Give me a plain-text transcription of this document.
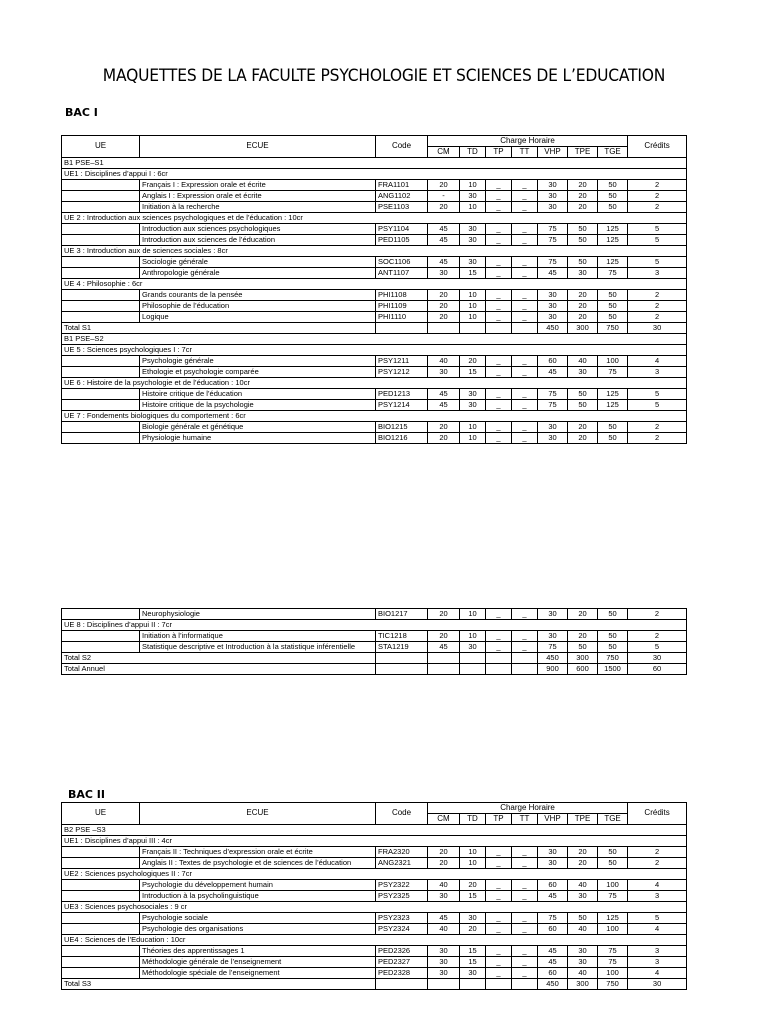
MAQUETTES DE LA FACULTE PSYCHOLOGIE ET SCIENCES DE L’EDUCATION
BAC I
UE	ECUE	Code	Charge Horaire							Crédits
			CM	TD	TP	TT	VHP	TPE	TGE	
B1 PSE–S1										
UE1 : Disciplines d’appui I : 6cr										
	Français I : Expression orale et écrite	FRA1101	20	10	_	_	30	20	50	2
	Anglais I : Expression orale et écrite	ANG1102	-	30	_	_	30	20	50	2
	Initiation à la recherche	PSE1103	20	10	_	_	30	20	50	2
UE 2 : Introduction aux sciences psychologiques et de l’éducation : 10cr										
	Introduction aux sciences psychologiques	PSY1104	45	30	_	_	75	50	125	5
	Introduction aux sciences de l’éducation	PED1105	45	30	_	_	75	50	125	5
UE 3 : Introduction aux de sciences sociales : 8cr										
	Sociologie générale	SOC1106	45	30	_	_	75	50	125	5
	Anthropologie générale	ANT1107	30	15	_	_	45	30	75	3
UE 4 : Philosophie : 6cr										
	Grands courants de la pensée	PHI1108	20	10	_	_	30	20	50	2
	Philosophie de l’éducation	PHI1109	20	10	_	_	30	20	50	2
	Logique	PHI1110	20	10	_	_	30	20	50	2
Total S1							450	300	750	30
B1 PSE–S2										
UE 5 : Sciences psychologiques I : 7cr										
	Psychologie générale	PSY1211	40	20	_	_	60	40	100	4
	Ethologie et psychologie comparée	PSY1212	30	15	_	_	45	30	75	3
UE 6 : Histoire de la psychologie et de l’éducation : 10cr										
	Histoire critique de l’éducation	PED1213	45	30	_	_	75	50	125	5
	Histoire critique de la psychologie	PSY1214	45	30	_	_	75	50	125	5
UE 7 : Fondements biologiques du comportement : 6cr										
	Biologie générale et génétique	BIO1215	20	10	_	_	30	20	50	2
	Physiologie humaine	BIO1216	20	10	_	_	30	20	50	2
	Neurophysiologie	BIO1217	20	10	_	_	30	20	50	2
UE 8 : Disciplines d’appui II : 7cr										
	Initiation à l’informatique	TIC1218	20	10	_	_	30	20	50	2
	Statistique descriptive et Introduction à la statistique inférentielle	STA1219	45	30	_	_	75	50	50	5
Total S2							450	300	750	30
Total Annuel							900	600	1500	60
BAC II
UE	ECUE	Code	Charge Horaire							Crédits
			CM	TD	TP	TT	VHP	TPE	TGE	
B2 PSE –S3										
UE1 : Disciplines d’appui III : 4cr										
	Français II : Techniques d’expression orale et écrite	FRA2320	20	10	_	_	30	20	50	2
	Anglais II : Textes de psychologie et de sciences de l’éducation	ANG2321	20	10	_	_	30	20	50	2
UE2 : Sciences psychologiques II : 7cr										
	Psychologie du développement humain	PSY2322	40	20	_	_	60	40	100	4
	Introduction à la psycholinguistique	PSY2325	30	15	_	_	45	30	75	3
UE3 : Sciences psychosociales : 9 cr										
	Psychologie sociale	PSY2323	45	30	_	_	75	50	125	5
	Psychologie des organisations	PSY2324	40	20	_	_	60	40	100	4
UE4 : Sciences de l’Education : 10cr										
	Théories des apprentissages 1	PED2326	30	15	_	_	45	30	75	3
	Méthodologie générale de l’enseignement	PED2327	30	15	_	_	45	30	75	3
	Méthodologie spéciale de l’enseignement	PED2328	30	30	_	_	60	40	100	4
Total S3							450	300	750	30
